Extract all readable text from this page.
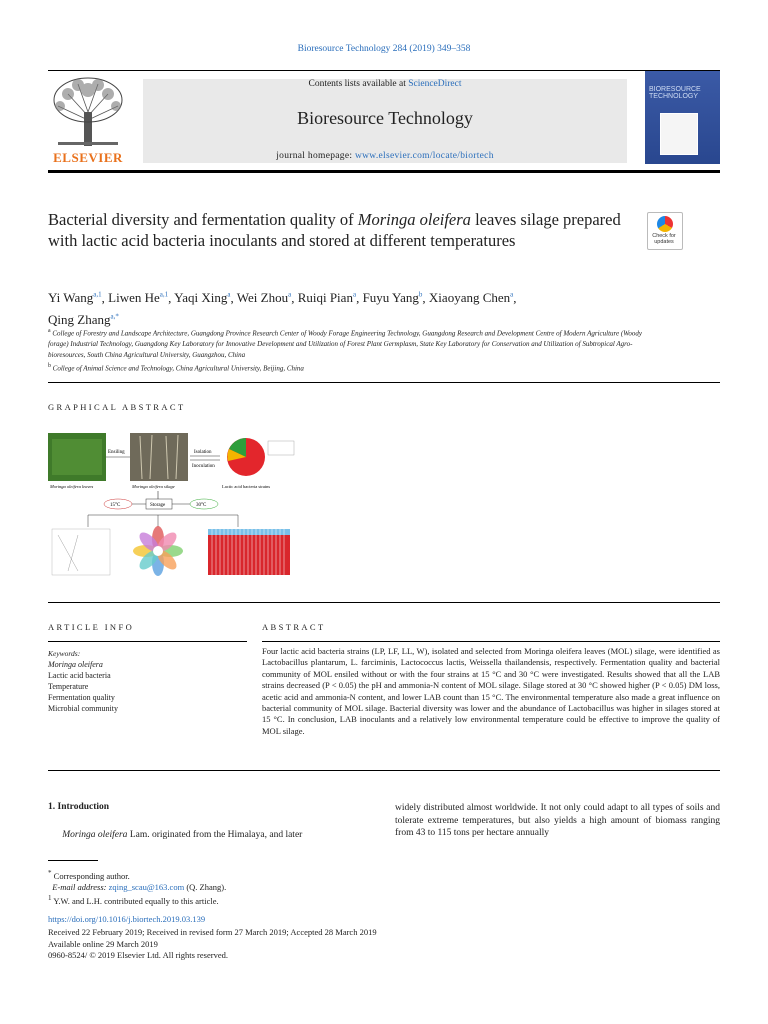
Bioresource Technology 284 (2019) 349–358
ELSEVIER
Contents lists available at ScienceDirect
Bioresource Technology
journal homepage: www.elsevier.com/locate/biortech
BIORESOURCE TECHNOLOGY
Bacterial diversity and fermentation quality of Moringa oleifera leaves silage prepared with lactic acid bacteria inoculants and stored at different temperatures	Check for updates
Yi Wang$^{a,1}$, Liwen He$^{a,1}$, Yaqi Xing$^a$, Wei Zhou$^a$, Ruiqi Pian$^a$, Fuyu Yang$^b$, Xiaoyang Chen$^a$,
Qing Zhang$^{a,*}$
$^a$ College of Forestry and Landscape Architecture, Guangdong Province Research Center of Woody Forage Engineering Technology, Guangdong Research and Development Centre of Modern Agriculture (Woody forage) Industrial Technology, Guangdong Key Laboratory for Innovative Development and Utilization of Forest Plant Germplasm, State Key Laboratory for Conservation and Utilization of Subtropical Agro-bioresources, South China Agricultural University, Guangzhou, China
$^b$ College of Animal Science and Technology, China Agricultural University, Beijing, China
GRAPHICAL ABSTRACT
Moringa oleifera leaves
Ensiling
Moringa oleifera silage
Isolation
Inoculation
Lactic acid bacteria strains
Storage
15°C	30°C
ARTICLE INFO	ABSTRACT
Keywords:
Moringa oleifera
Lactic acid bacteria
Temperature
Fermentation quality
Microbial community
Four lactic acid bacteria strains (LP, LF, LL, W), isolated and selected from Moringa oleifera leaves (MOL) silage, were identified as Lactobacillus plantarum, L. farciminis, Lactococcus lactis, Weissella thailandensis, respectively. Fermentation quality and bacterial community of MOL ensiled without or with the four strains at 15 °C and 30 °C were investigated. Results showed that all the LAB strains decreased (P < 0.05) the pH and ammonia-N content of MOL silage. Silage stored at 30 °C showed higher (P < 0.05) DM loss, acetic acid and ammonia-N content, and lower LAB count than 15 °C. The environmental temperature also made a great influence on bacterial community of MOL silage. Bacterial diversity was lower and the abundance of Lactobacillus was higher in silages stored at 15 °C. In conclusion, LAB inoculants and a relatively low environmental temperature could be effective to improve the quality of MOL silage.
1. Introduction
Moringa oleifera Lam. originated from the Himalaya, and later
widely distributed almost worldwide. It not only could adapt to all types of soils and tolerate extreme temperatures, but also yields a high amount of biomass ranging from 43 to 115 tons per hectare annually
* Corresponding author.
E-mail address: zqing_scau@163.com (Q. Zhang).
$^1$ Y.W. and L.H. contributed equally to this article.
https://doi.org/10.1016/j.biortech.2019.03.139
Received 22 February 2019; Received in revised form 27 March 2019; Accepted 28 March 2019
Available online 29 March 2019
0960-8524/ © 2019 Elsevier Ltd. All rights reserved.
